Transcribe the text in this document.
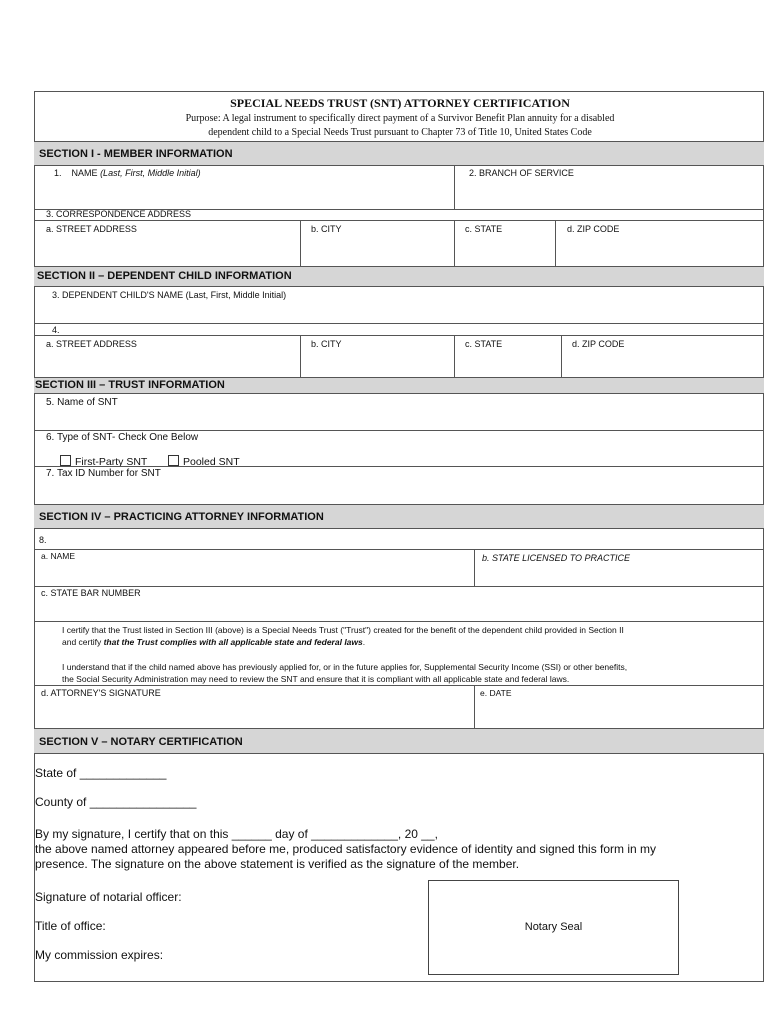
SPECIAL NEEDS TRUST (SNT) ATTORNEY CERTIFICATION
Purpose: A legal instrument to specifically direct payment of a Survivor Benefit Plan annuity for a disabled
dependent child to a Special Needs Trust pursuant to Chapter 73 of Title 10, United States Code
SECTION I - MEMBER INFORMATION
1. NAME (Last, First, Middle Initial)	2. BRANCH OF SERVICE
3. CORRESPONDENCE ADDRESS
a. STREET ADDRESS	b. CITY	c. STATE	d. ZIP CODE
SECTION II – DEPENDENT CHILD INFORMATION
3. DEPENDENT CHILD'S NAME (Last, First, Middle Initial)
4.
a. STREET ADDRESS	b. CITY	c. STATE	d. ZIP CODE
SECTION III – TRUST INFORMATION
5. Name of SNT
6. Type of SNT- Check One Below
First-Party SNT	Pooled SNT
7. Tax ID Number for SNT
SECTION IV – PRACTICING ATTORNEY INFORMATION
8.
a. NAME	b. STATE LICENSED TO PRACTICE
c. STATE BAR NUMBER
I certify that the Trust listed in Section III (above) is a Special Needs Trust ("Trust") created for the benefit of the dependent child provided in Section II
and certify that the Trust complies with all applicable state and federal laws.
I understand that if the child named above has previously applied for, or in the future applies for, Supplemental Security Income (SSI) or other benefits,
the Social Security Administration may need to review the SNT and ensure that it is compliant with all applicable state and federal laws.
d. ATTORNEY'S SIGNATURE	e. DATE
SECTION V – NOTARY CERTIFICATION
State of _____________
County of ________________
By my signature, I certify that on this ______ day of _____________, 20 __,
the above named attorney appeared before me, produced satisfactory evidence of identity and signed this form in my
presence. The signature on the above statement is verified as the signature of the member.
Signature of notarial officer:
Title of office:
My commission expires:
Notary Seal
